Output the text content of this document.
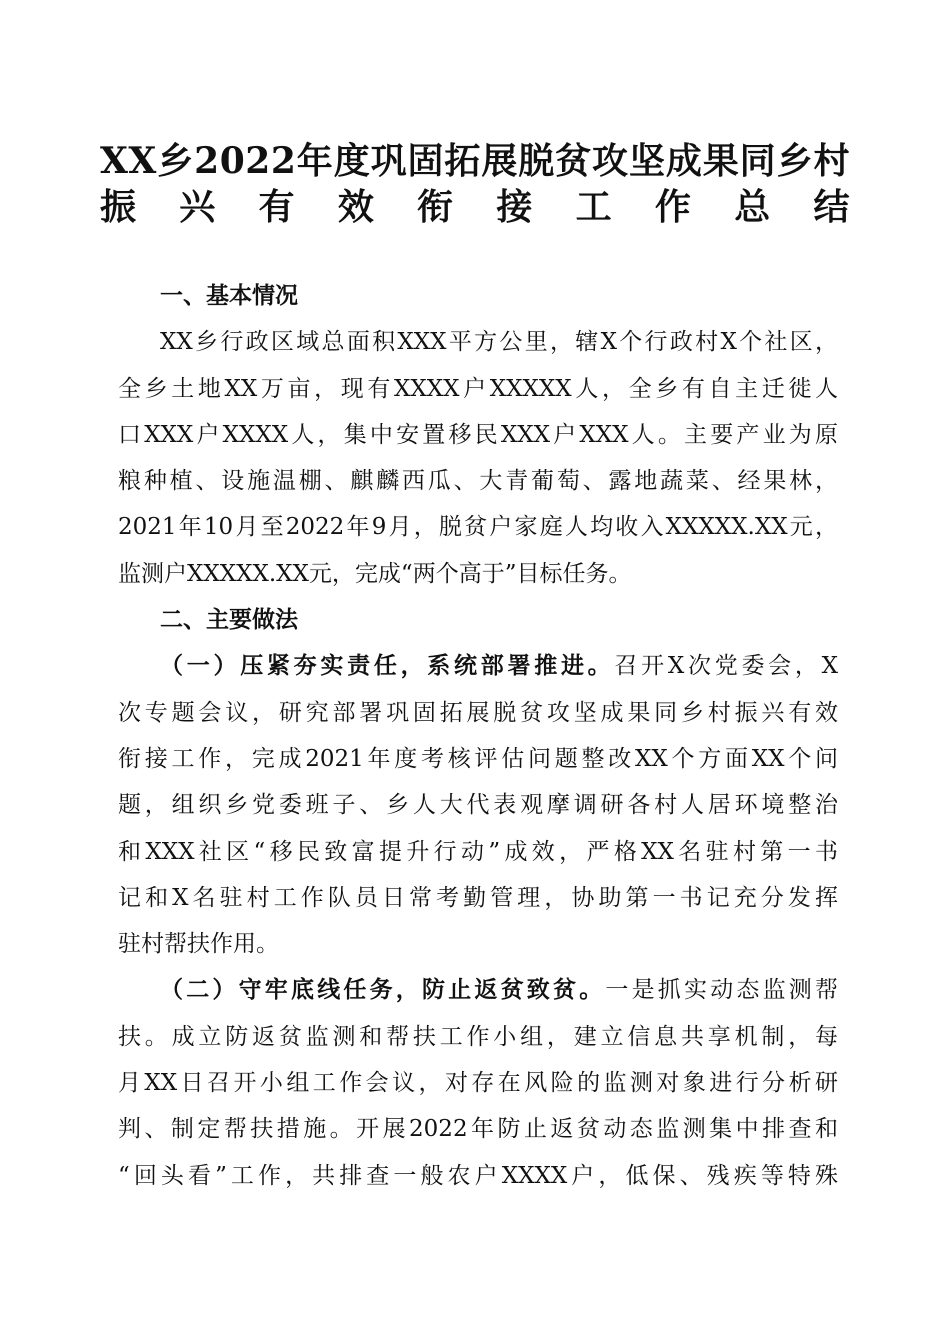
XX乡2022年度巩固拓展脱贫攻坚成果同乡村
振兴有效衔接工作总结
一、基本情况
XX乡行政区域总面积XXX平方公里，辖X个行政村X个社区，
全乡土地XX万亩，现有XXXX户XXXXX人，全乡有自主迁徙人
口XXX户XXXX人，集中安置移民XXX户XXX人。主要产业为原
粮种植、设施温棚、麒麟西瓜、大青葡萄、露地蔬菜、经果林，
2021年10月至2022年9月，脱贫户家庭人均收入XXXXX.XX元，
监测户XXXXX.XX元，完成“两个高于”目标任务。
二、主要做法
（一）压紧夯实责任，系统部署推进。召开X次党委会，X
次专题会议，研究部署巩固拓展脱贫攻坚成果同乡村振兴有效
衔接工作，完成2021年度考核评估问题整改XX个方面XX个问
题，组织乡党委班子、乡人大代表观摩调研各村人居环境整治
和XXX社区“移民致富提升行动”成效，严格XX名驻村第一书
记和X名驻村工作队员日常考勤管理，协助第一书记充分发挥
驻村帮扶作用。
（二）守牢底线任务，防止返贫致贫。一是抓实动态监测帮
扶。成立防返贫监测和帮扶工作小组，建立信息共享机制，每
月XX日召开小组工作会议，对存在风险的监测对象进行分析研
判、制定帮扶措施。开展2022年防止返贫动态监测集中排查和
“回头看”工作，共排查一般农户XXXX户，低保、残疾等特殊
